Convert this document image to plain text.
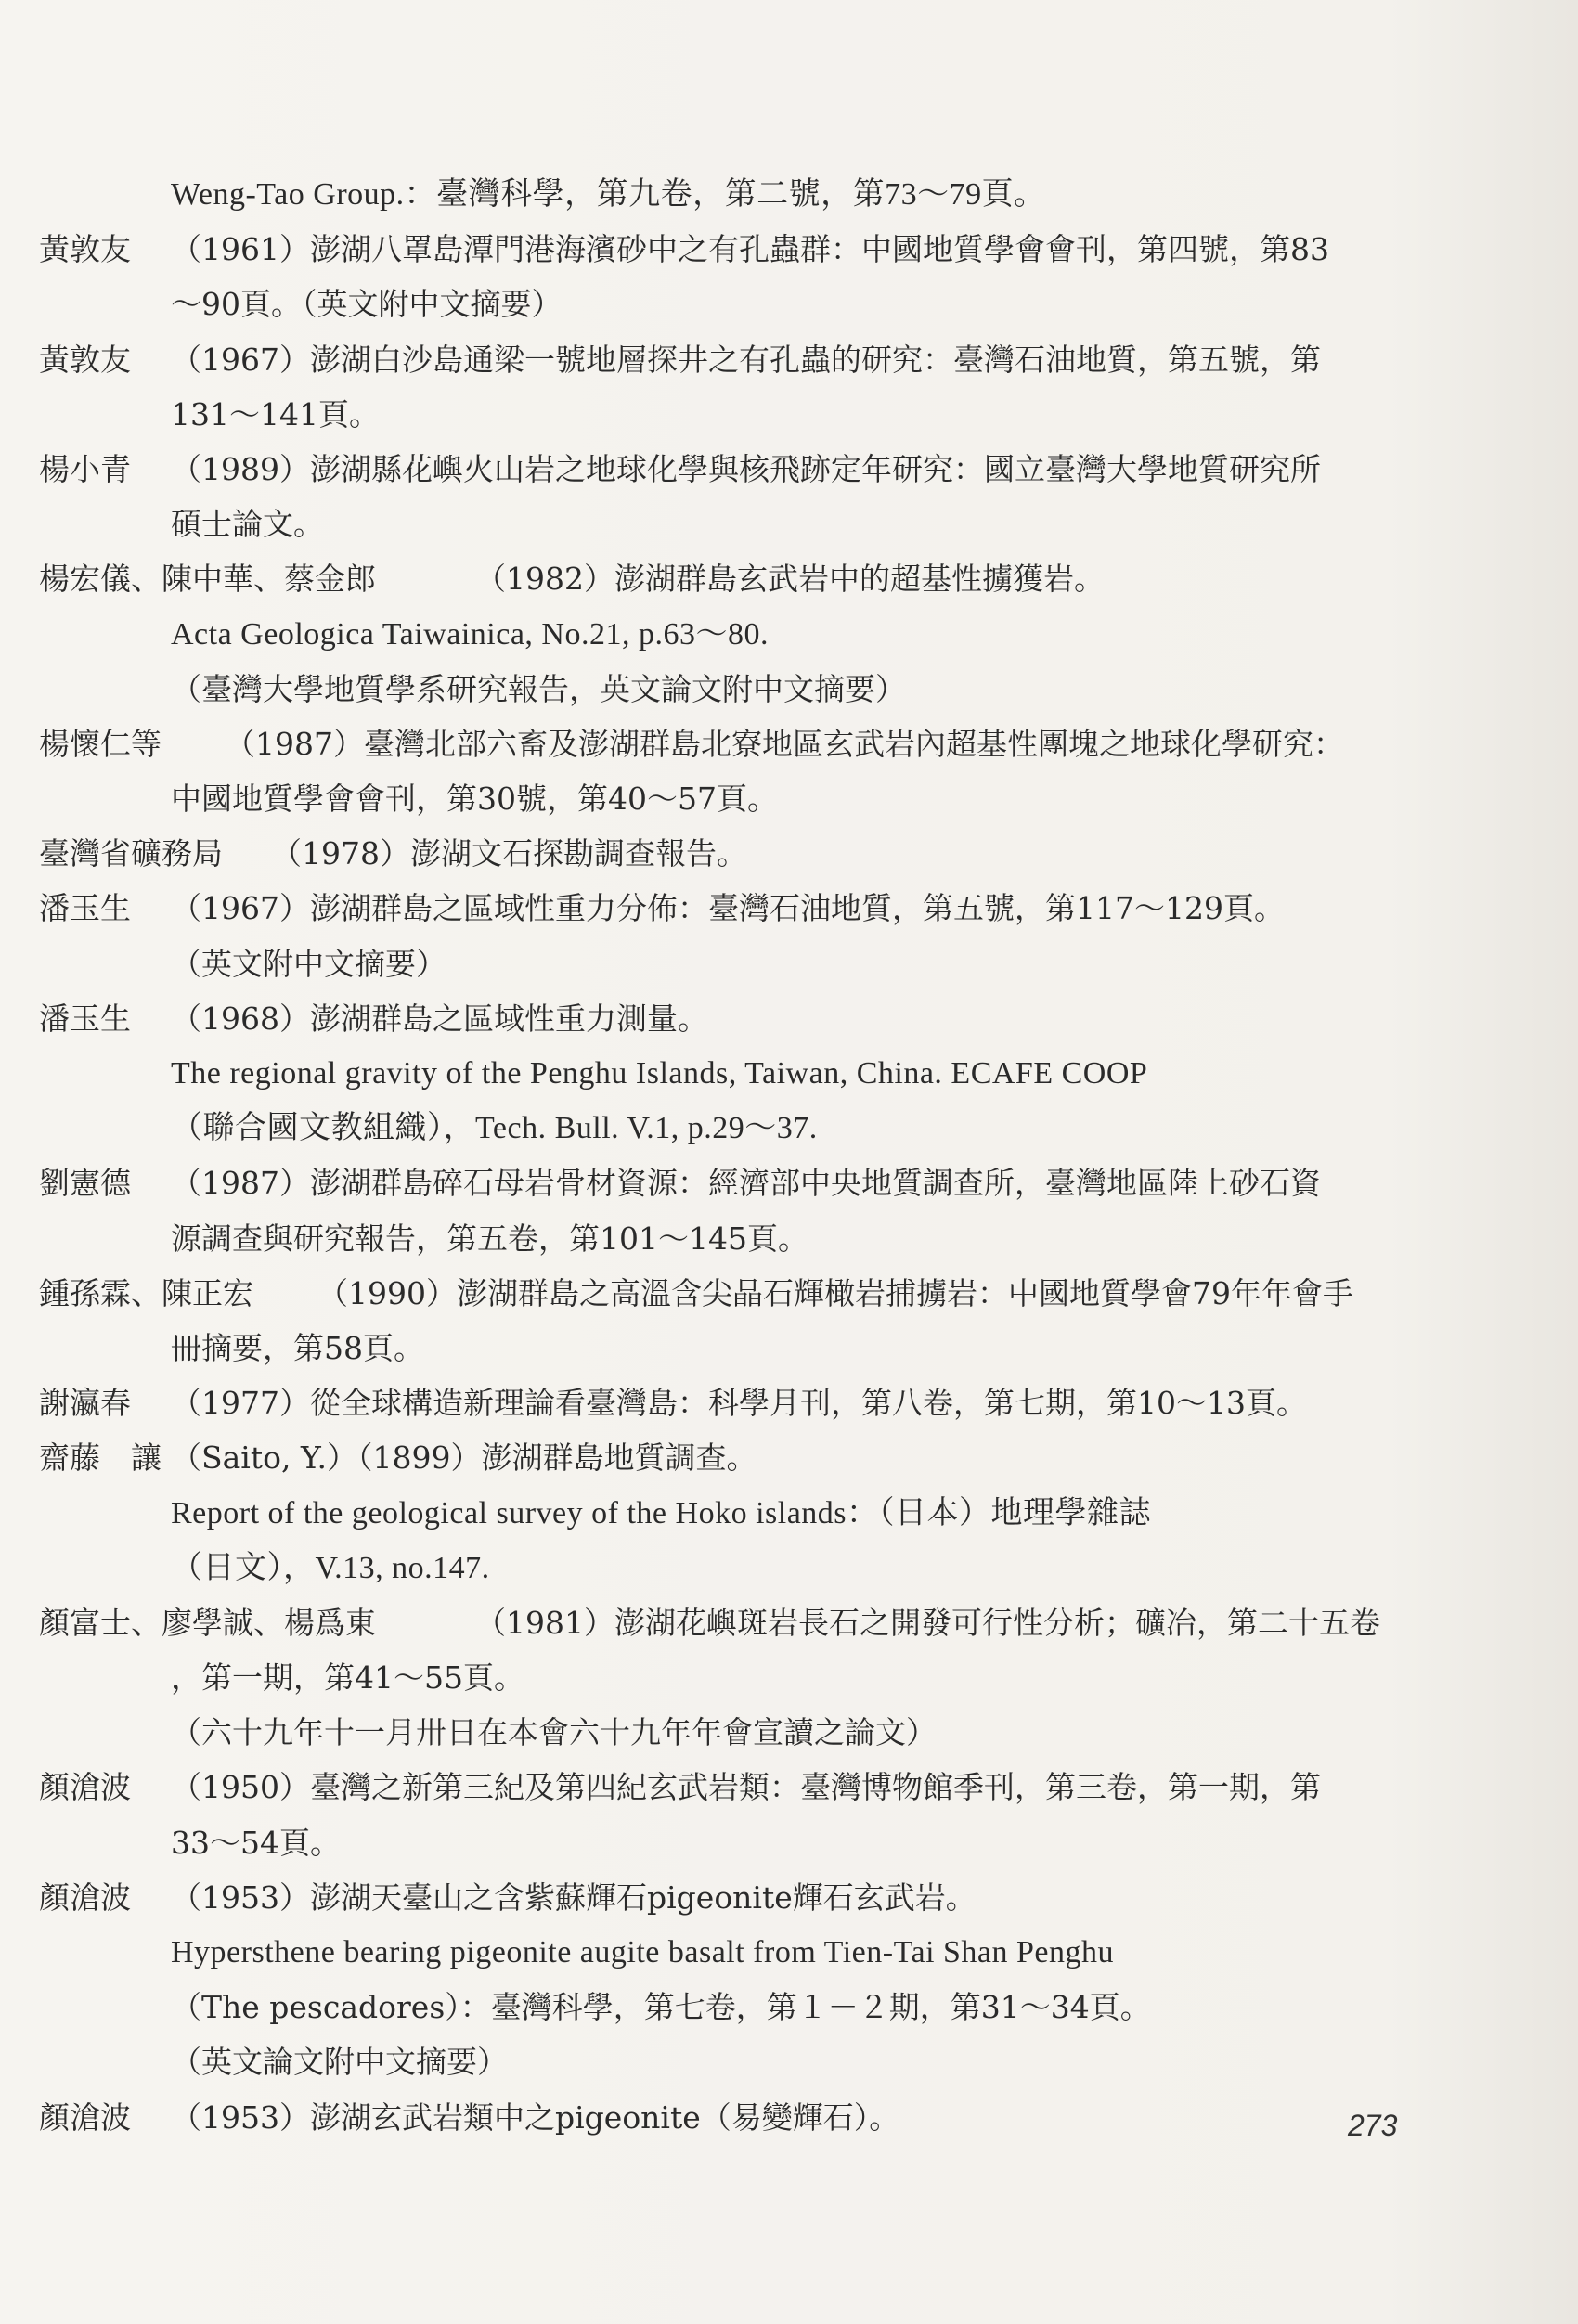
Weng-Tao Group.：臺灣科學，第九卷，第二號，第73～79頁。
黃敦友 （1961）澎湖八罩島潭門港海濱砂中之有孔蟲群：中國地質學會會刊，第四號，第83
～90頁。（英文附中文摘要）
黃敦友 （1967）澎湖白沙島通梁一號地層探井之有孔蟲的研究：臺灣石油地質，第五號，第
131～141頁。
楊小青 （1989）澎湖縣花嶼火山岩之地球化學與核飛跡定年研究：國立臺灣大學地質研究所
碩士論文。
楊宏儀、陳中華、蔡金郎	（1982）澎湖群島玄武岩中的超基性擄獲岩。
Acta Geologica Taiwainica, No.21, p.63～80.
（臺灣大學地質學系研究報告，英文論文附中文摘要）
楊懷仁等 （1987）臺灣北部六畜及澎湖群島北寮地區玄武岩內超基性團塊之地球化學研究：
中國地質學會會刊，第30號，第40～57頁。
臺灣省礦務局 （1978）澎湖文石探勘調查報告。
潘玉生 （1967）澎湖群島之區域性重力分佈：臺灣石油地質，第五號，第117～129頁。
（英文附中文摘要）
潘玉生 （1968）澎湖群島之區域性重力測量。
The regional gravity of the Penghu Islands, Taiwan, China. ECAFE COOP
（聯合國文教組織），Tech. Bull. V.1, p.29～37.
劉憲德 （1987）澎湖群島碎石母岩骨材資源：經濟部中央地質調查所，臺灣地區陸上砂石資
源調查與研究報告，第五卷，第101～145頁。
鍾孫霖、陳正宏 （1990）澎湖群島之高溫含尖晶石輝橄岩捕擄岩：中國地質學會79年年會手
冊摘要，第58頁。
謝瀛春 （1977）從全球構造新理論看臺灣島：科學月刊，第八卷，第七期，第10～13頁。
齋藤　讓 （Saito, Y.）（1899）澎湖群島地質調查。
Report of the geological survey of the Hoko islands：（日本）地理學雜誌
（日文），V.13, no.147.
顏富士、廖學誠、楊爲東	（1981）澎湖花嶼斑岩長石之開發可行性分析；礦冶，第二十五卷
，第一期，第41～55頁。
（六十九年十一月卅日在本會六十九年年會宣讀之論文）
顏滄波 （1950）臺灣之新第三紀及第四紀玄武岩類：臺灣博物館季刊，第三卷，第一期，第
33～54頁。
顏滄波 （1953）澎湖天臺山之含紫蘇輝石pigeonite輝石玄武岩。
Hypersthene bearing pigeonite augite basalt from Tien-Tai Shan Penghu
（The pescadores）：臺灣科學，第七卷，第１－２期，第31～34頁。
（英文論文附中文摘要）
顏滄波 （1953）澎湖玄武岩類中之pigeonite（易變輝石）。	273
